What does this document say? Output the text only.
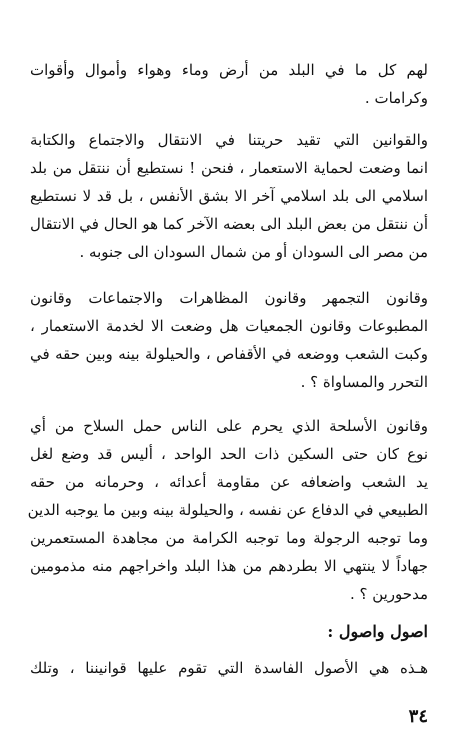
لهم كل ما في البلد من أرض وماء وهواء وأموال وأقوات
وكرامات .
والقوانين التي تقيد حريتنا في الانتقال والاجتماع والكتابة
انما وضعت لحماية الاستعمار ، فنحن ! نستطيع أن ننتقل من بلد
اسلامي الى بلد اسلامي آخر الا بشق الأنفس ، بل قد لا نستطيع
أن ننتقل من بعض البلد الى بعضه الآخر كما هو الحال في الانتقال
من مصر الى السودان أو من شمال السودان الى جنوبه .
وقانون التجمهر وقانون المظاهرات والاجتماعات وقانون
المطبوعات وقانون الجمعيات هل وضعت الا لخدمة الاستعمار ،
وكبت الشعب ووضعه في الأقفاص ، والحيلولة بينه وبين حقه في
التحرر والمساواة ؟ .
وقانون الأسلحة الذي يحرم على الناس حمل السلاح من أي
نوع كان حتى السكين ذات الحد الواحد ، أليس قد وضع لغل
يد الشعب واضعافه عن مقاومة أعدائه ، وحرمانه من حقه
الطبيعي في الدفاع عن نفسه ، والحيلولة بينه وبين ما يوجبه الدين
وما توجبه الرجولة وما توجبه الكرامة من مجاهدة المستعمرين
جهاداً لا ينتهي الا بطردهم من هذا البلد واخراجهم منه مذمومين
مدحورين ؟ .
اصول واصول :
هـذه هي الأصول الفاسدة التي تقوم عليها قوانيننا ، وتلك
٣٤
